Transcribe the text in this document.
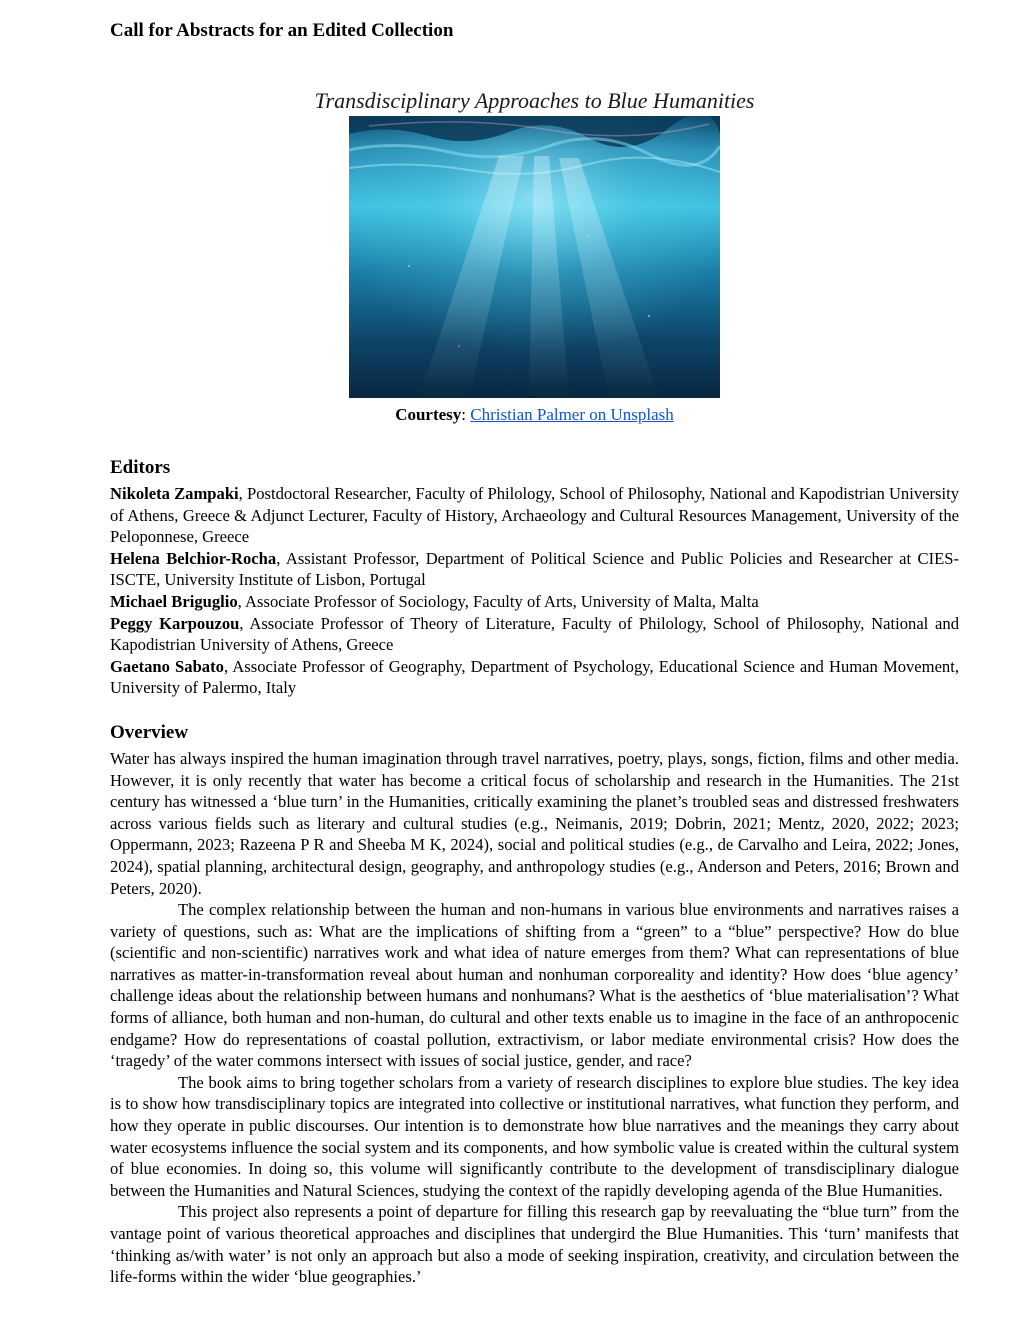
Call for Abstracts for an Edited Collection
Transdisciplinary Approaches to Blue Humanities
Courtesy: Christian Palmer on Unsplash
Editors

Nikoleta Zampaki, Postdoctoral Researcher, Faculty of Philology, School of Philosophy, National and Kapodistrian University of Athens, Greece & Adjunct Lecturer, Faculty of History, Archaeology and Cultural Resources Management, University of the Peloponnese, Greece

Helena Belchior-Rocha, Assistant Professor, Department of Political Science and Public Policies and Researcher at CIES-ISCTE, University Institute of Lisbon, Portugal

Michael Briguglio, Associate Professor of Sociology, Faculty of Arts, University of Malta, Malta

Peggy Karpouzou, Associate Professor of Theory of Literature, Faculty of Philology, School of Philosophy, National and Kapodistrian University of Athens, Greece

Gaetano Sabato, Associate Professor of Geography, Department of Psychology, Educational Science and Human Movement, University of Palermo, Italy

Overview

Water has always inspired the human imagination through travel narratives, poetry, plays, songs, fiction, films and other media. However, it is only recently that water has become a critical focus of scholarship and research in the Humanities. The 21st century has witnessed a ‘blue turn’ in the Humanities, critically examining the planet’s troubled seas and distressed freshwaters across various fields such as literary and cultural studies (e.g., Neimanis, 2019; Dobrin, 2021; Mentz, 2020, 2022; 2023; Oppermann, 2023; Razeena P R and Sheeba M K, 2024), social and political studies (e.g., de Carvalho and Leira, 2022; Jones, 2024), spatial planning, architectural design, geography, and anthropology studies (e.g., Anderson and Peters, 2016; Brown and Peters, 2020).

The complex relationship between the human and non-humans in various blue environments and narratives raises a variety of questions, such as: What are the implications of shifting from a “green” to a “blue” perspective? How do blue (scientific and non-scientific) narratives work and what idea of nature emerges from them? What can representations of blue narratives as matter-in-transformation reveal about human and nonhuman corporeality and identity? How does ‘blue agency’ challenge ideas about the relationship between humans and nonhumans? What is the aesthetics of ‘blue materialisation’? What forms of alliance, both human and non-human, do cultural and other texts enable us to imagine in the face of an anthropocenic endgame? How do representations of coastal pollution, extractivism, or labor mediate environmental crisis? How does the ‘tragedy’ of the water commons intersect with issues of social justice, gender, and race?

The book aims to bring together scholars from a variety of research disciplines to explore blue studies. The key idea is to show how transdisciplinary topics are integrated into collective or institutional narratives, what function they perform, and how they operate in public discourses. Our intention is to demonstrate how blue narratives and the meanings they carry about water ecosystems influence the social system and its components, and how symbolic value is created within the cultural system of blue economies. In doing so, this volume will significantly contribute to the development of transdisciplinary dialogue between the Humanities and Natural Sciences, studying the context of the rapidly developing agenda of the Blue Humanities.

This project also represents a point of departure for filling this research gap by reevaluating the “blue turn” from the vantage point of various theoretical approaches and disciplines that undergird the Blue Humanities. This ‘turn’ manifests that ‘thinking as/with water’ is not only an approach but also a mode of seeking inspiration, creativity, and circulation between the life-forms within the wider ‘blue geographies.’
